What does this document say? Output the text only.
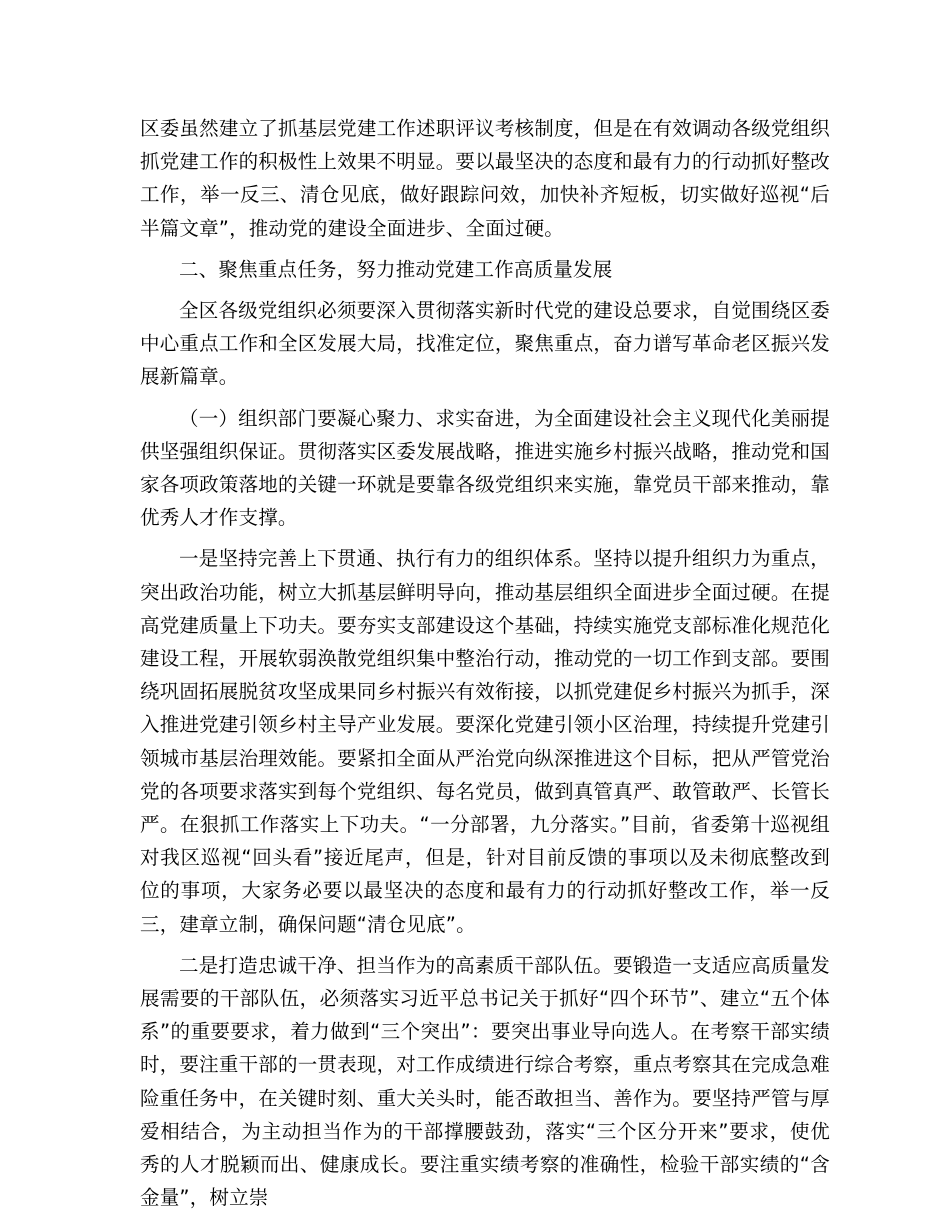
区委虽然建立了抓基层党建工作述职评议考核制度，但是在有效调动各级党组织抓党建工作的积极性上效果不明显。要以最坚决的态度和最有力的行动抓好整改工作，举一反三、清仓见底，做好跟踪问效，加快补齐短板，切实做好巡视“后半篇文章”，推动党的建设全面进步、全面过硬。

二、聚焦重点任务，努力推动党建工作高质量发展

全区各级党组织必须要深入贯彻落实新时代党的建设总要求，自觉围绕区委中心重点工作和全区发展大局，找准定位，聚焦重点，奋力谱写革命老区振兴发展新篇章。

（一）组织部门要凝心聚力、求实奋进，为全面建设社会主义现代化美丽提供坚强组织保证。贯彻落实区委发展战略，推进实施乡村振兴战略，推动党和国家各项政策落地的关键一环就是要靠各级党组织来实施，靠党员干部来推动，靠优秀人才作支撑。

一是坚持完善上下贯通、执行有力的组织体系。坚持以提升组织力为重点，突出政治功能，树立大抓基层鲜明导向，推动基层组织全面进步全面过硬。在提高党建质量上下功夫。要夯实支部建设这个基础，持续实施党支部标准化规范化建设工程，开展软弱涣散党组织集中整治行动，推动党的一切工作到支部。要围绕巩固拓展脱贫攻坚成果同乡村振兴有效衔接，以抓党建促乡村振兴为抓手，深入推进党建引领乡村主导产业发展。要深化党建引领小区治理，持续提升党建引领城市基层治理效能。要紧扣全面从严治党向纵深推进这个目标，把从严管党治党的各项要求落实到每个党组织、每名党员，做到真管真严、敢管敢严、长管长严。在狠抓工作落实上下功夫。“一分部署，九分落实。”目前，省委第十巡视组对我区巡视“回头看”接近尾声，但是，针对目前反馈的事项以及未彻底整改到位的事项，大家务必要以最坚决的态度和最有力的行动抓好整改工作，举一反三，建章立制，确保问题“清仓见底”。

二是打造忠诚干净、担当作为的高素质干部队伍。要锻造一支适应高质量发展需要的干部队伍，必须落实习近平总书记关于抓好“四个环节”、建立“五个体系”的重要要求，着力做到“三个突出”：要突出事业导向选人。在考察干部实绩时，要注重干部的一贯表现，对工作成绩进行综合考察，重点考察其在完成急难险重任务中，在关键时刻、重大关头时，能否敢担当、善作为。要坚持严管与厚爱相结合，为主动担当作为的干部撑腰鼓劲，落实“三个区分开来”要求，使优秀的人才脱颖而出、健康成长。要注重实绩考察的准确性，检验干部实绩的“含金量”，树立崇
